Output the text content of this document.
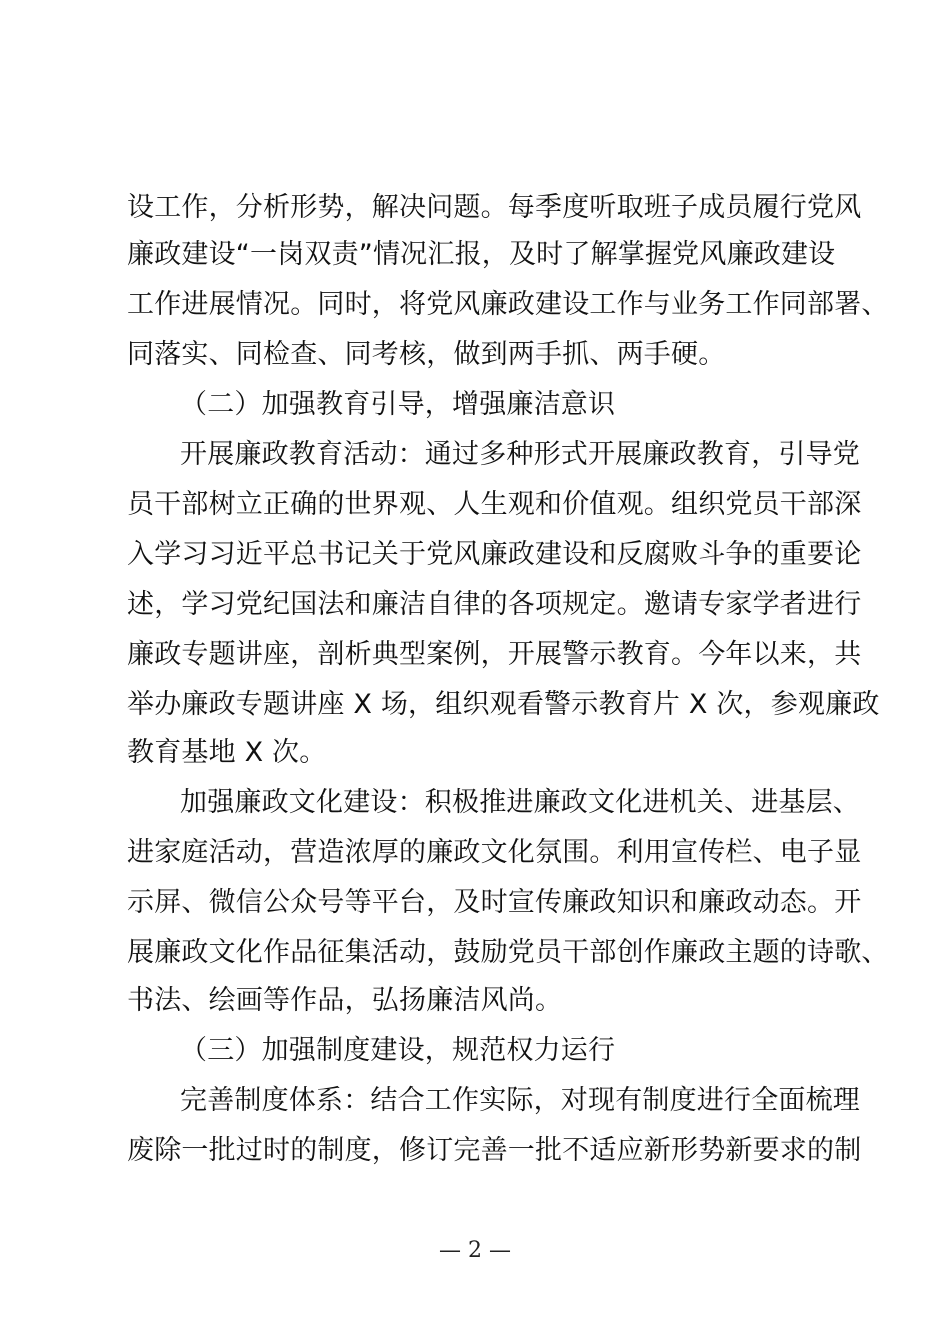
设工作，分析形势，解决问题。每季度听取班子成员履行党风
廉政建设“一岗双责”情况汇报，及时了解掌握党风廉政建设
工作进展情况。同时，将党风廉政建设工作与业务工作同部署、
同落实、同检查、同考核，做到两手抓、两手硬。
（二）加强教育引导，增强廉洁意识
开展廉政教育活动：通过多种形式开展廉政教育，引导党
员干部树立正确的世界观、人生观和价值观。组织党员干部深
入学习习近平总书记关于党风廉政建设和反腐败斗争的重要论
述，学习党纪国法和廉洁自律的各项规定。邀请专家学者进行
廉政专题讲座，剖析典型案例，开展警示教育。今年以来，共
举办廉政专题讲座 X 场，组织观看警示教育片 X 次，参观廉政
教育基地 X 次。
加强廉政文化建设：积极推进廉政文化进机关、进基层、
进家庭活动，营造浓厚的廉政文化氛围。利用宣传栏、电子显
示屏、微信公众号等平台，及时宣传廉政知识和廉政动态。开
展廉政文化作品征集活动，鼓励党员干部创作廉政主题的诗歌、
书法、绘画等作品，弘扬廉洁风尚。
（三）加强制度建设，规范权力运行
完善制度体系：结合工作实际，对现有制度进行全面梳理
废除一批过时的制度，修订完善一批不适应新形势新要求的制
— 2 —
